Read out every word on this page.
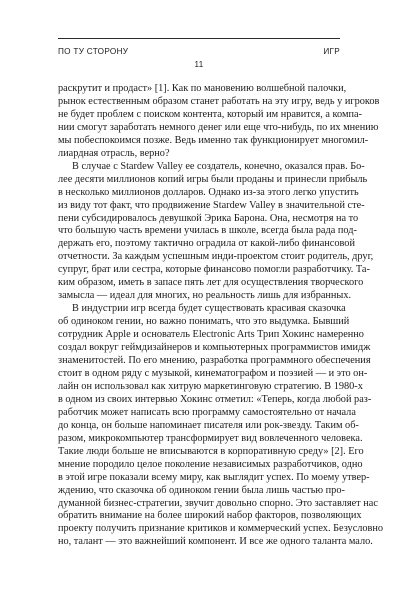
ПО ТУ СТОРОНУ
11
ИГР
раскрутит и продаст» [1]. Как по мановению волшебной палочки,
рынок естественным образом станет работать на эту игру, ведь у игроков
не будет проблем с поиском контента, который им нравится, а компа-
нии смогут заработать немного денег или еще что-нибудь, по их мнению
мы побеспокоимся позже. Ведь именно так функционирует многомил-
лиардная отрасль, верно?
В случае с Stardew Valley ее создатель, конечно, оказался прав. Бо-
лее десяти миллионов копий игры были проданы и принесли прибыль
в несколько миллионов долларов. Однако из-за этого легко упустить
из виду тот факт, что продвижение Stardew Valley в значительной сте-
пени субсидировалось девушкой Эрика Барона. Она, несмотря на то
что большую часть времени училась в школе, всегда была рада под-
держать его, поэтому тактично оградила от какой-либо финансовой
отчетности. За каждым успешным инди-проектом стоит родитель, друг,
супруг, брат или сестра, которые финансово помогли разработчику. Та-
ким образом, иметь в запасе пять лет для осуществления творческого
замысла — идеал для многих, но реальность лишь для избранных.
В индустрии игр всегда будет существовать красивая сказочка
об одиноком гении, но важно понимать, что это выдумка. Бывший
сотрудник Apple и основатель Electronic Arts Трип Хокинс намеренно
создал вокруг геймдизайнеров и компьютерных программистов имидж
знаменитостей. По его мнению, разработка программного обеспечения
стоит в одном ряду с музыкой, кинематографом и поэзией — и это он-
лайн он использовал как хитрую маркетинговую стратегию. В 1980-х
в одном из своих интервью Хокинс отметил: «Теперь, когда любой раз-
работчик может написать всю программу самостоятельно от начала
до конца, он больше напоминает писателя или рок-звезду. Таким об-
разом, микрокомпьютер трансформирует вид вовлеченного человека.
Такие люди больше не вписываются в корпоративную среду» [2]. Его
мнение породило целое поколение независимых разработчиков, одно
в этой игре показали всему миру, как выглядит успех. По моему утвер-
ждению, что сказочка об одиноком гении была лишь частью про-
думанной бизнес-стратегии, звучит довольно спорно. Это заставляет нас
обратить внимание на более широкий набор факторов, позволяющих
проекту получить признание критиков и коммерческий успех. Безусловно
но, талант — это важнейший компонент. И все же одного таланта мало.
